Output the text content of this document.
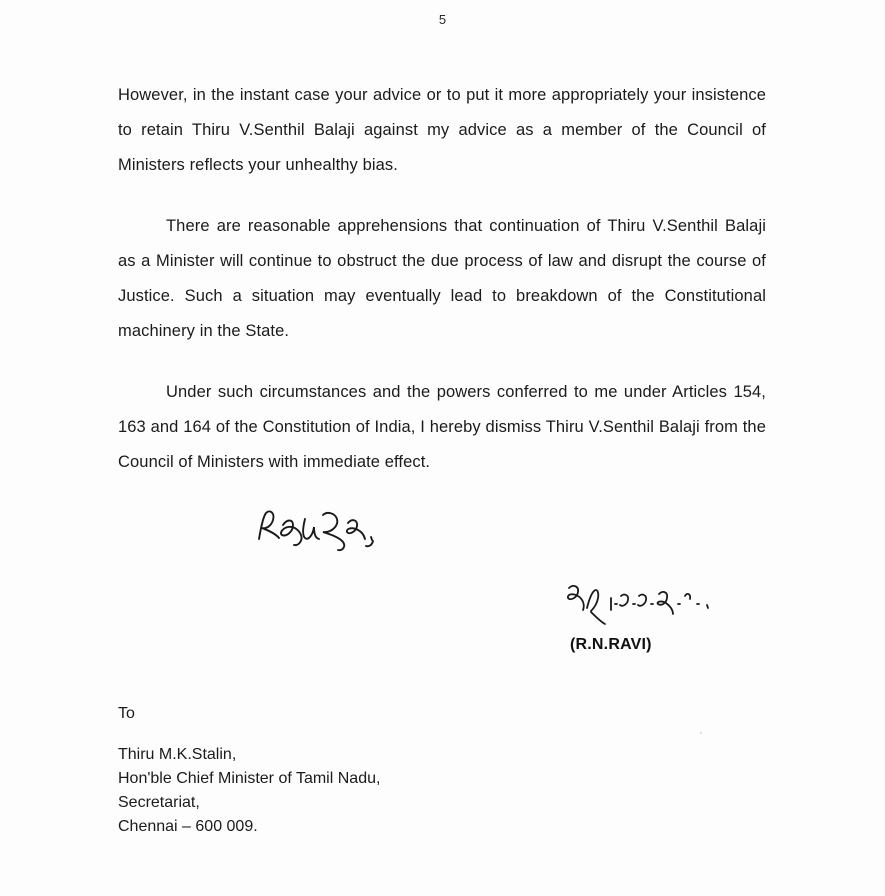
5

However, in the instant case your advice or to put it more appropriately your insistence to retain Thiru V.Senthil Balaji against my advice as a member of the Council of Ministers reflects your unhealthy bias.

There are reasonable apprehensions that continuation of Thiru V.Senthil Balaji as a Minister will continue to obstruct the due process of law and disrupt the course of Justice. Such a situation may eventually lead to breakdown of the Constitutional machinery in the State.

Under such circumstances and the powers conferred to me under Articles 154, 163 and 164 of the Constitution of India, I hereby dismiss Thiru V.Senthil Balaji from the Council of Ministers with immediate effect.

(R.N.RAVI)
To
Thiru M.K.Stalin,
Hon'ble Chief Minister of Tamil Nadu,
Secretariat,
Chennai – 600 009.
